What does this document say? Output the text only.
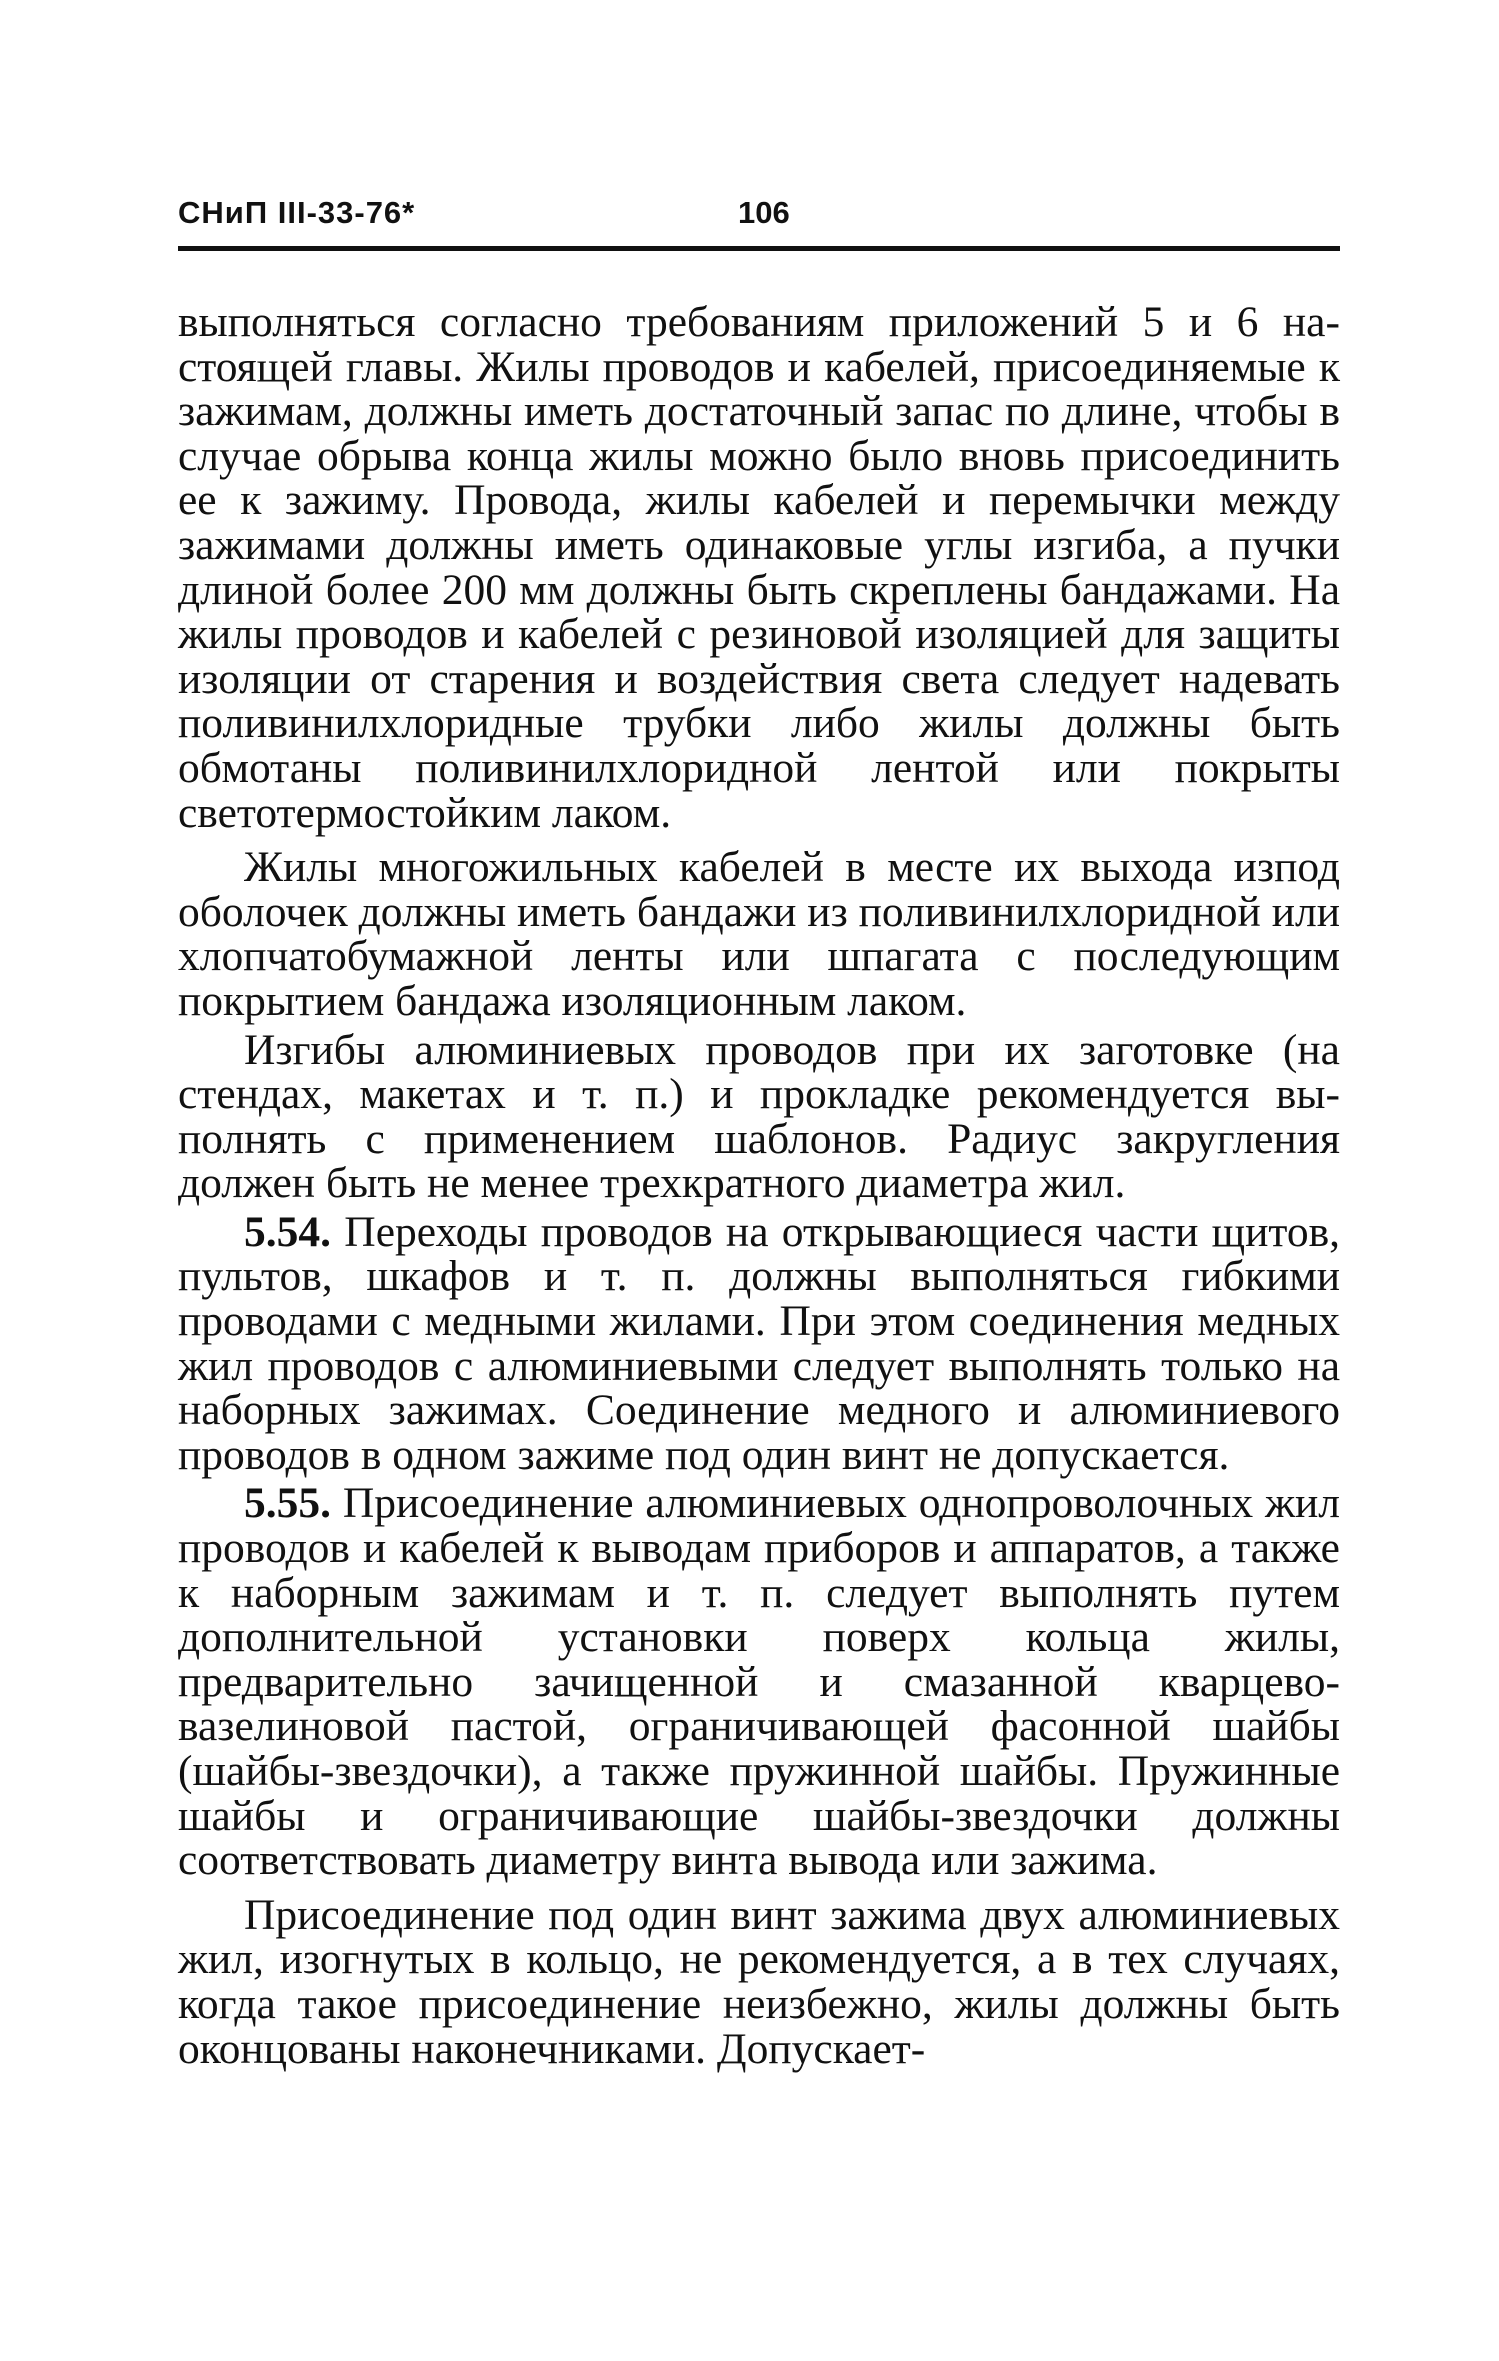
СНиП III-33-76*	106

выполняться согласно требованиям приложений 5 и 6 настоящей главы. Жилы проводов и кабелей, присоединяемые к зажимам, должны иметь достаточный запас по длине, чтобы в случае обрыва конца жилы можно было вновь присоединить ее к зажиму. Провода, жилы кабелей и перемычки между зажимами должны иметь одинаковые углы изгиба, а пучки длиной более 200 мм должны быть скреплены бандажами. На жилы проводов и кабелей с резиновой изоляцией для защиты изоляции от старения и воздействия света следует надевать поливинилхлоридные трубки либо жилы должны быть обмотаны поливинилхлоридной лентой или покрыты светотермостойким лаком.

Жилы многожильных кабелей в месте их выхода изпод оболочек должны иметь бандажи из поливинилхлоридной или хлопчатобумажной ленты или шпагата с последующим покрытием бандажа изоляционным лаком.

Изгибы алюминиевых проводов при их заготовке (на стендах, макетах и т. п.) и прокладке рекомендуется выполнять с применением шаблонов. Радиус закругления должен быть не менее трехкратного диаметра жил.

5.54. Переходы проводов на открывающиеся части щитов, пультов, шкафов и т. п. должны выполняться гибкими проводами с медными жилами. При этом соединения медных жил проводов с алюминиевыми следует выполнять только на наборных зажимах. Соединение медного и алюминиевого проводов в одном зажиме под один винт не допускается.

5.55. Присоединение алюминиевых однопроволочных жил проводов и кабелей к выводам приборов и аппаратов, а также к наборным зажимам и т. п. следует выполнять путем дополнительной установки поверх кольца жилы, предварительно зачищенной и смазанной кварцевовазелиновой пастой, ограничивающей фасонной шайбы (шайбы-звездочки), а также пружинной шайбы. Пружинные шайбы и ограничивающие шайбы-звездочки должны соответствовать диаметру винта вывода или зажима.

Присоединение под один винт зажима двух алюминиевых жил, изогнутых в кольцо, не рекомендуется, а в тех случаях, когда такое присоединение неизбежно, жилы должны быть оконцованы наконечниками. Допускает-
